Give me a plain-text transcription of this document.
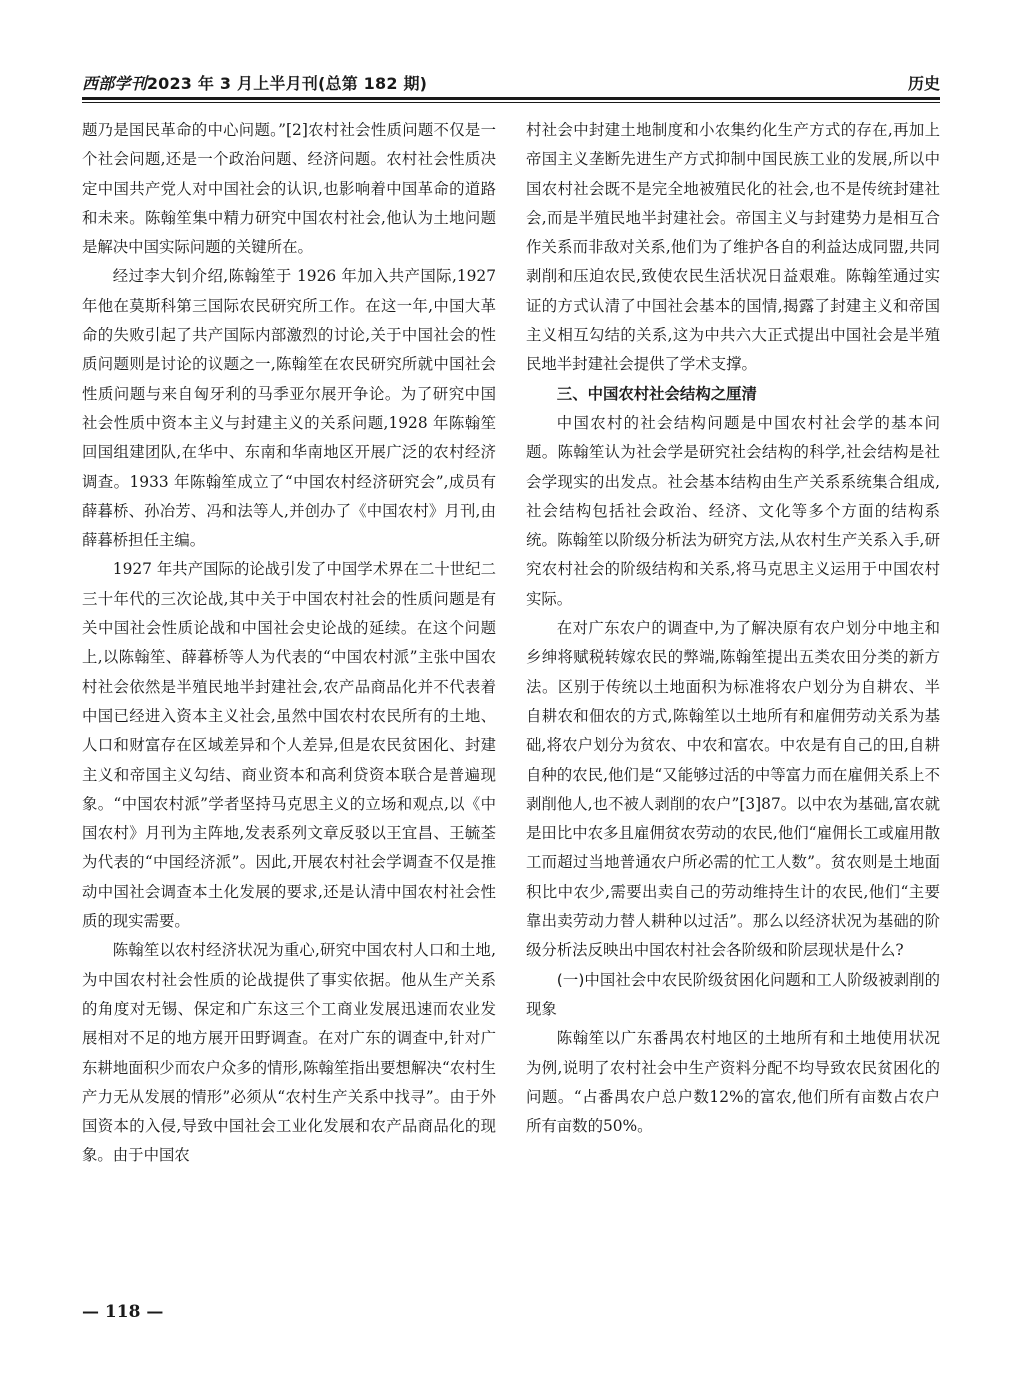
西部学刊2023 年 3 月上半月刊(总第 182 期)	历史

题乃是国民革命的中心问题。”[2]农村社会性质问题不仅是一个社会问题,还是一个政治问题、经济问题。农村社会性质决定中国共产党人对中国社会的认识,也影响着中国革命的道路和未来。陈翰笙集中精力研究中国农村社会,他认为土地问题是解决中国实际问题的关键所在。

经过李大钊介绍,陈翰笙于 1926 年加入共产国际,1927 年他在莫斯科第三国际农民研究所工作。在这一年,中国大革命的失败引起了共产国际内部激烈的讨论,关于中国社会的性质问题则是讨论的议题之一,陈翰笙在农民研究所就中国社会性质问题与来自匈牙利的马季亚尔展开争论。为了研究中国社会性质中资本主义与封建主义的关系问题,1928 年陈翰笙回国组建团队,在华中、东南和华南地区开展广泛的农村经济调查。1933 年陈翰笙成立了“中国农村经济研究会”,成员有薛暮桥、孙冶芳、冯和法等人,并创办了《中国农村》月刊,由薛暮桥担任主编。

1927 年共产国际的论战引发了中国学术界在二十世纪二三十年代的三次论战,其中关于中国农村社会的性质问题是有关中国社会性质论战和中国社会史论战的延续。在这个问题上,以陈翰笙、薛暮桥等人为代表的“中国农村派”主张中国农村社会依然是半殖民地半封建社会,农产品商品化并不代表着中国已经进入资本主义社会,虽然中国农村农民所有的土地、人口和财富存在区域差异和个人差异,但是农民贫困化、封建主义和帝国主义勾结、商业资本和高利贷资本联合是普遍现象。“中国农村派”学者坚持马克思主义的立场和观点,以《中国农村》月刊为主阵地,发表系列文章反驳以王宜昌、王毓荃为代表的“中国经济派”。因此,开展农村社会学调查不仅是推动中国社会调查本土化发展的要求,还是认清中国农村社会性质的现实需要。

陈翰笙以农村经济状况为重心,研究中国农村人口和土地,为中国农村社会性质的论战提供了事实依据。他从生产关系的角度对无锡、保定和广东这三个工商业发展迅速而农业发展相对不足的地方展开田野调查。在对广东的调查中,针对广东耕地面积少而农户众多的情形,陈翰笙指出要想解决“农村生产力无从发展的情形”必须从“农村生产关系中找寻”。由于外国资本的入侵,导致中国社会工业化发展和农产品商品化的现象。由于中国农

村社会中封建土地制度和小农集约化生产方式的存在,再加上帝国主义垄断先进生产方式抑制中国民族工业的发展,所以中国农村社会既不是完全地被殖民化的社会,也不是传统封建社会,而是半殖民地半封建社会。帝国主义与封建势力是相互合作关系而非敌对关系,他们为了维护各自的利益达成同盟,共同剥削和压迫农民,致使农民生活状况日益艰难。陈翰笙通过实证的方式认清了中国社会基本的国情,揭露了封建主义和帝国主义相互勾结的关系,这为中共六大正式提出中国社会是半殖民地半封建社会提供了学术支撑。

三、中国农村社会结构之厘清

中国农村的社会结构问题是中国农村社会学的基本问题。陈翰笙认为社会学是研究社会结构的科学,社会结构是社会学现实的出发点。社会基本结构由生产关系系统集合组成,社会结构包括社会政治、经济、文化等多个方面的结构系统。陈翰笙以阶级分析法为研究方法,从农村生产关系入手,研究农村社会的阶级结构和关系,将马克思主义运用于中国农村实际。

在对广东农户的调查中,为了解决原有农户划分中地主和乡绅将赋税转嫁农民的弊端,陈翰笙提出五类农田分类的新方法。区别于传统以土地面积为标准将农户划分为自耕农、半自耕农和佃农的方式,陈翰笙以土地所有和雇佣劳动关系为基础,将农户划分为贫农、中农和富农。中农是有自己的田,自耕自种的农民,他们是“又能够过活的中等富力而在雇佣关系上不剥削他人,也不被人剥削的农户”[3]87。以中农为基础,富农就是田比中农多且雇佣贫农劳动的农民,他们“雇佣长工或雇用散工而超过当地普通农户所必需的忙工人数”。贫农则是土地面积比中农少,需要出卖自己的劳动维持生计的农民,他们“主要靠出卖劳动力替人耕种以过活”。那么以经济状况为基础的阶级分析法反映出中国农村社会各阶级和阶层现状是什么?

(一)中国社会中农民阶级贫困化问题和工人阶级被剥削的现象

陈翰笙以广东番禺农村地区的土地所有和土地使用状况为例,说明了农村社会中生产资料分配不均导致农民贫困化的问题。“占番禺农户总户数12%的富农,他们所有亩数占农户所有亩数的50%。

— 118 —
